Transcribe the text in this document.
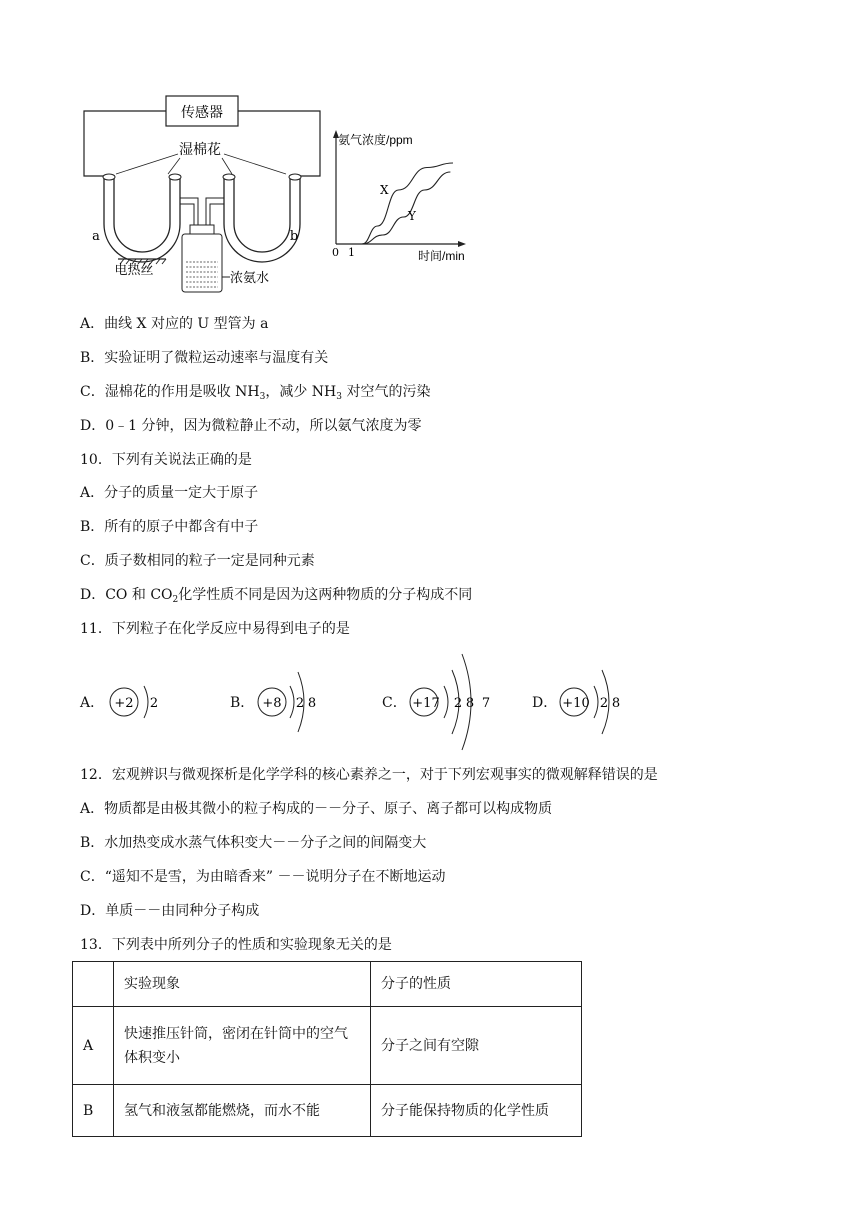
传感器
湿棉花
a	b
电热丝
浓氨水
氨气浓度/ppm
时间/min
0 1
X
Y
A．曲线 X 对应的 U 型管为 a
B．实验证明了微粒运动速率与温度有关
C．湿棉花的作用是吸收 $NH_3$，减少 $NH_3$ 对空气的污染
D．0﹣1 分钟，因为微粒静止不动，所以氨气浓度为零
10．下列有关说法正确的是
A．分子的质量一定大于原子
B．所有的原子中都含有中子
C．质子数相同的粒子一定是同种元素
D．CO 和 $CO_2$化学性质不同是因为这两种物质的分子构成不同
11．下列粒子在化学反应中易得到电子的是
A． +2 2	B． +8 2 8	C． +17 2 8 7	D． +10 2 8
12．宏观辨识与微观探析是化学学科的核心素养之一，对于下列宏观事实的微观解释错误的是
A．物质都是由极其微小的粒子构成的－－分子、原子、离子都可以构成物质
B．水加热变成水蒸气体积变大－－分子之间的间隔变大
C．“遥知不是雪，为由暗香来” －－说明分子在不断地运动
D．单质－－由同种分子构成
13．下列表中所列分子的性质和实验现象无关的是
	实验现象	分子的性质
A	快速推压针筒，密闭在针筒中的空气
体积变小	分子之间有空隙
B	氢气和液氢都能燃烧，而水不能	分子能保持物质的化学性质
